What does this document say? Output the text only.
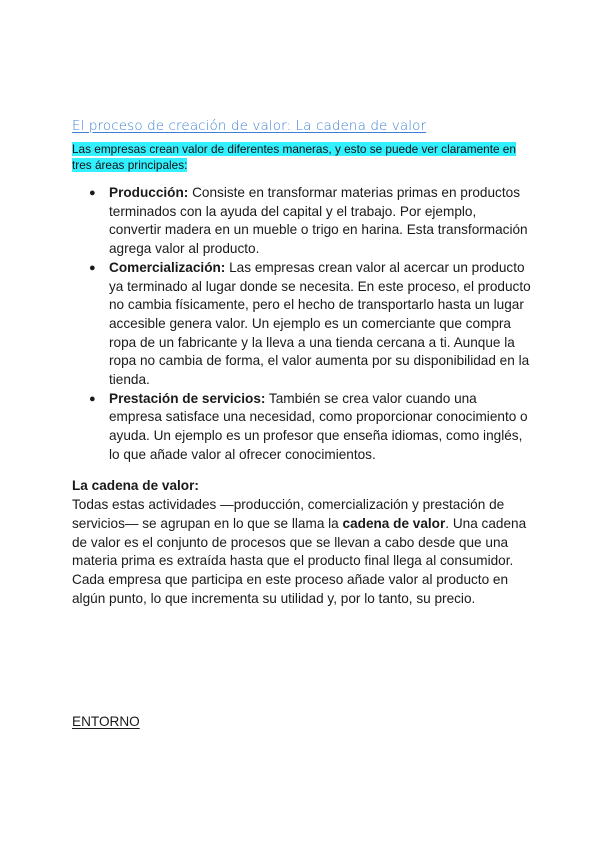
El proceso de creación de valor: La cadena de valor
Las empresas crean valor de diferentes maneras, y esto se puede ver claramente en tres áreas principales:
● Producción: Consiste en transformar materias primas en productos terminados con la ayuda del capital y el trabajo. Por ejemplo, convertir madera en un mueble o trigo en harina. Esta transformación agrega valor al producto.
● Comercialización: Las empresas crean valor al acercar un producto ya terminado al lugar donde se necesita. En este proceso, el producto no cambia físicamente, pero el hecho de transportarlo hasta un lugar accesible genera valor. Un ejemplo es un comerciante que compra ropa de un fabricante y la lleva a una tienda cercana a ti. Aunque la ropa no cambia de forma, el valor aumenta por su disponibilidad en la tienda.
● Prestación de servicios: También se crea valor cuando una empresa satisface una necesidad, como proporcionar conocimiento o ayuda. Un ejemplo es un profesor que enseña idiomas, como inglés, lo que añade valor al ofrecer conocimientos.
La cadena de valor:
Todas estas actividades —producción, comercialización y prestación de servicios— se agrupan en lo que se llama la cadena de valor. Una cadena de valor es el conjunto de procesos que se llevan a cabo desde que una materia prima es extraída hasta que el producto final llega al consumidor. Cada empresa que participa en este proceso añade valor al producto en algún punto, lo que incrementa su utilidad y, por lo tanto, su precio.
ENTORNO
